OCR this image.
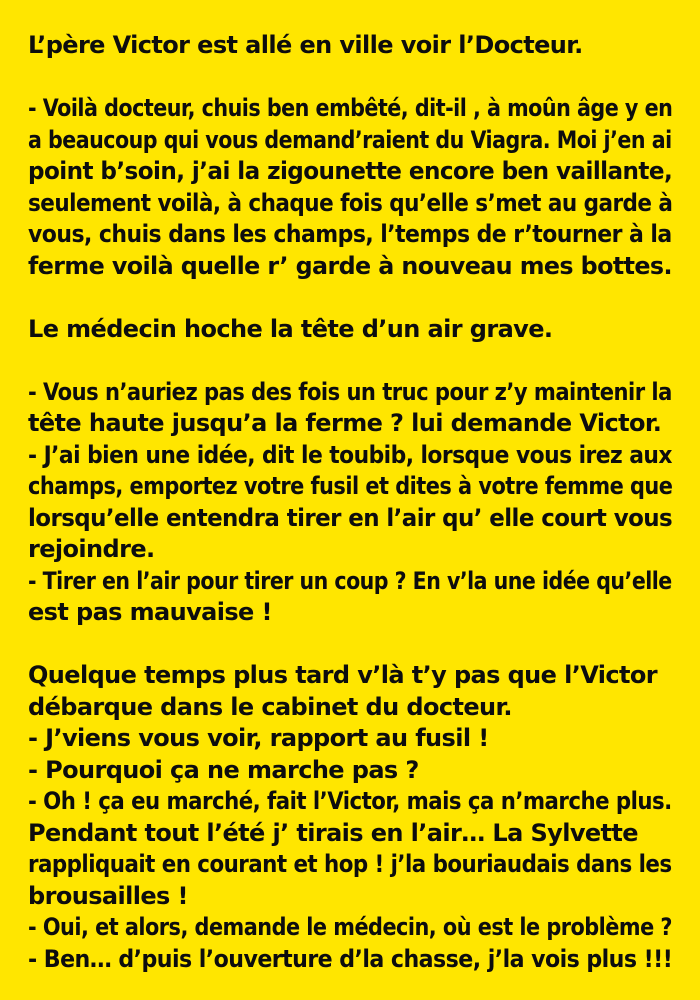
L’père Victor est allé en ville voir l’Docteur.
- Voilà docteur, chuis ben embêté, dit-il , à moûn âge y en
a beaucoup qui vous demand’raient du Viagra. Moi j’en ai
point b’soin, j’ai la zigounette encore ben vaillante,
seulement voilà, à chaque fois qu’elle s’met au garde à
vous, chuis dans les champs, l’temps de r’tourner à la
ferme voilà quelle r’ garde à nouveau mes bottes.
Le médecin hoche la tête d’un air grave.
- Vous n’auriez pas des fois un truc pour z’y maintenir la
tête haute jusqu’a la ferme ? lui demande Victor.
- J’ai bien une idée, dit le toubib, lorsque vous irez aux
champs, emportez votre fusil et dites à votre femme que
lorsqu’elle entendra tirer en l’air qu’ elle court vous
rejoindre.
- Tirer en l’air pour tirer un coup ? En v’la une idée qu’elle
est pas mauvaise !
Quelque temps plus tard v’là t’y pas que l’Victor
débarque dans le cabinet du docteur.
- J’viens vous voir, rapport au fusil !
- Pourquoi ça ne marche pas ?
- Oh ! ça eu marché, fait l’Victor, mais ça n’marche plus.
Pendant tout l’été j’ tirais en l’air… La Sylvette
rappliquait en courant et hop ! j’la bouriaudais dans les
brousailles !
- Oui, et alors, demande le médecin, où est le problème ?
- Ben… d’puis l’ouverture d’la chasse, j’la vois plus !!!
